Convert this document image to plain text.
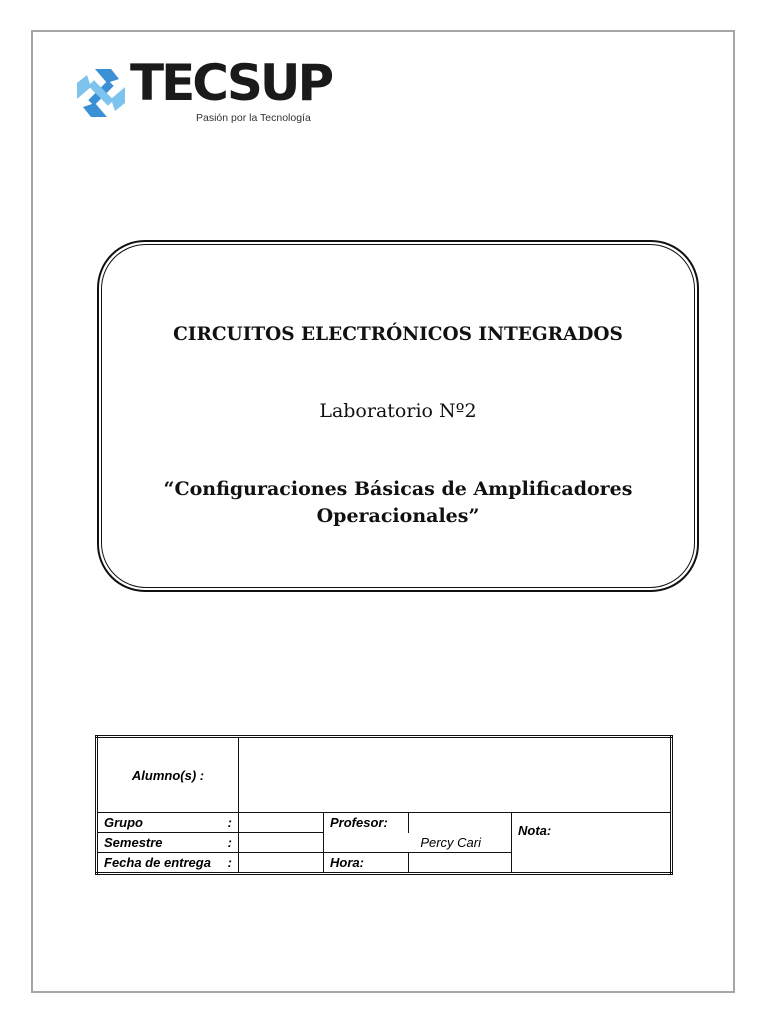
TECSUP
Pasión por la Tecnología
CIRCUITOS ELECTRÓNICOS INTEGRADOS
Laboratorio Nº2
“Configuraciones Básicas de Amplificadores
Operacionales”
Alumno(s) :				
Grupo :		Profesor:		Nota:
Semestre :		Percy Cari		
Fecha de entrega :		Hora:		
